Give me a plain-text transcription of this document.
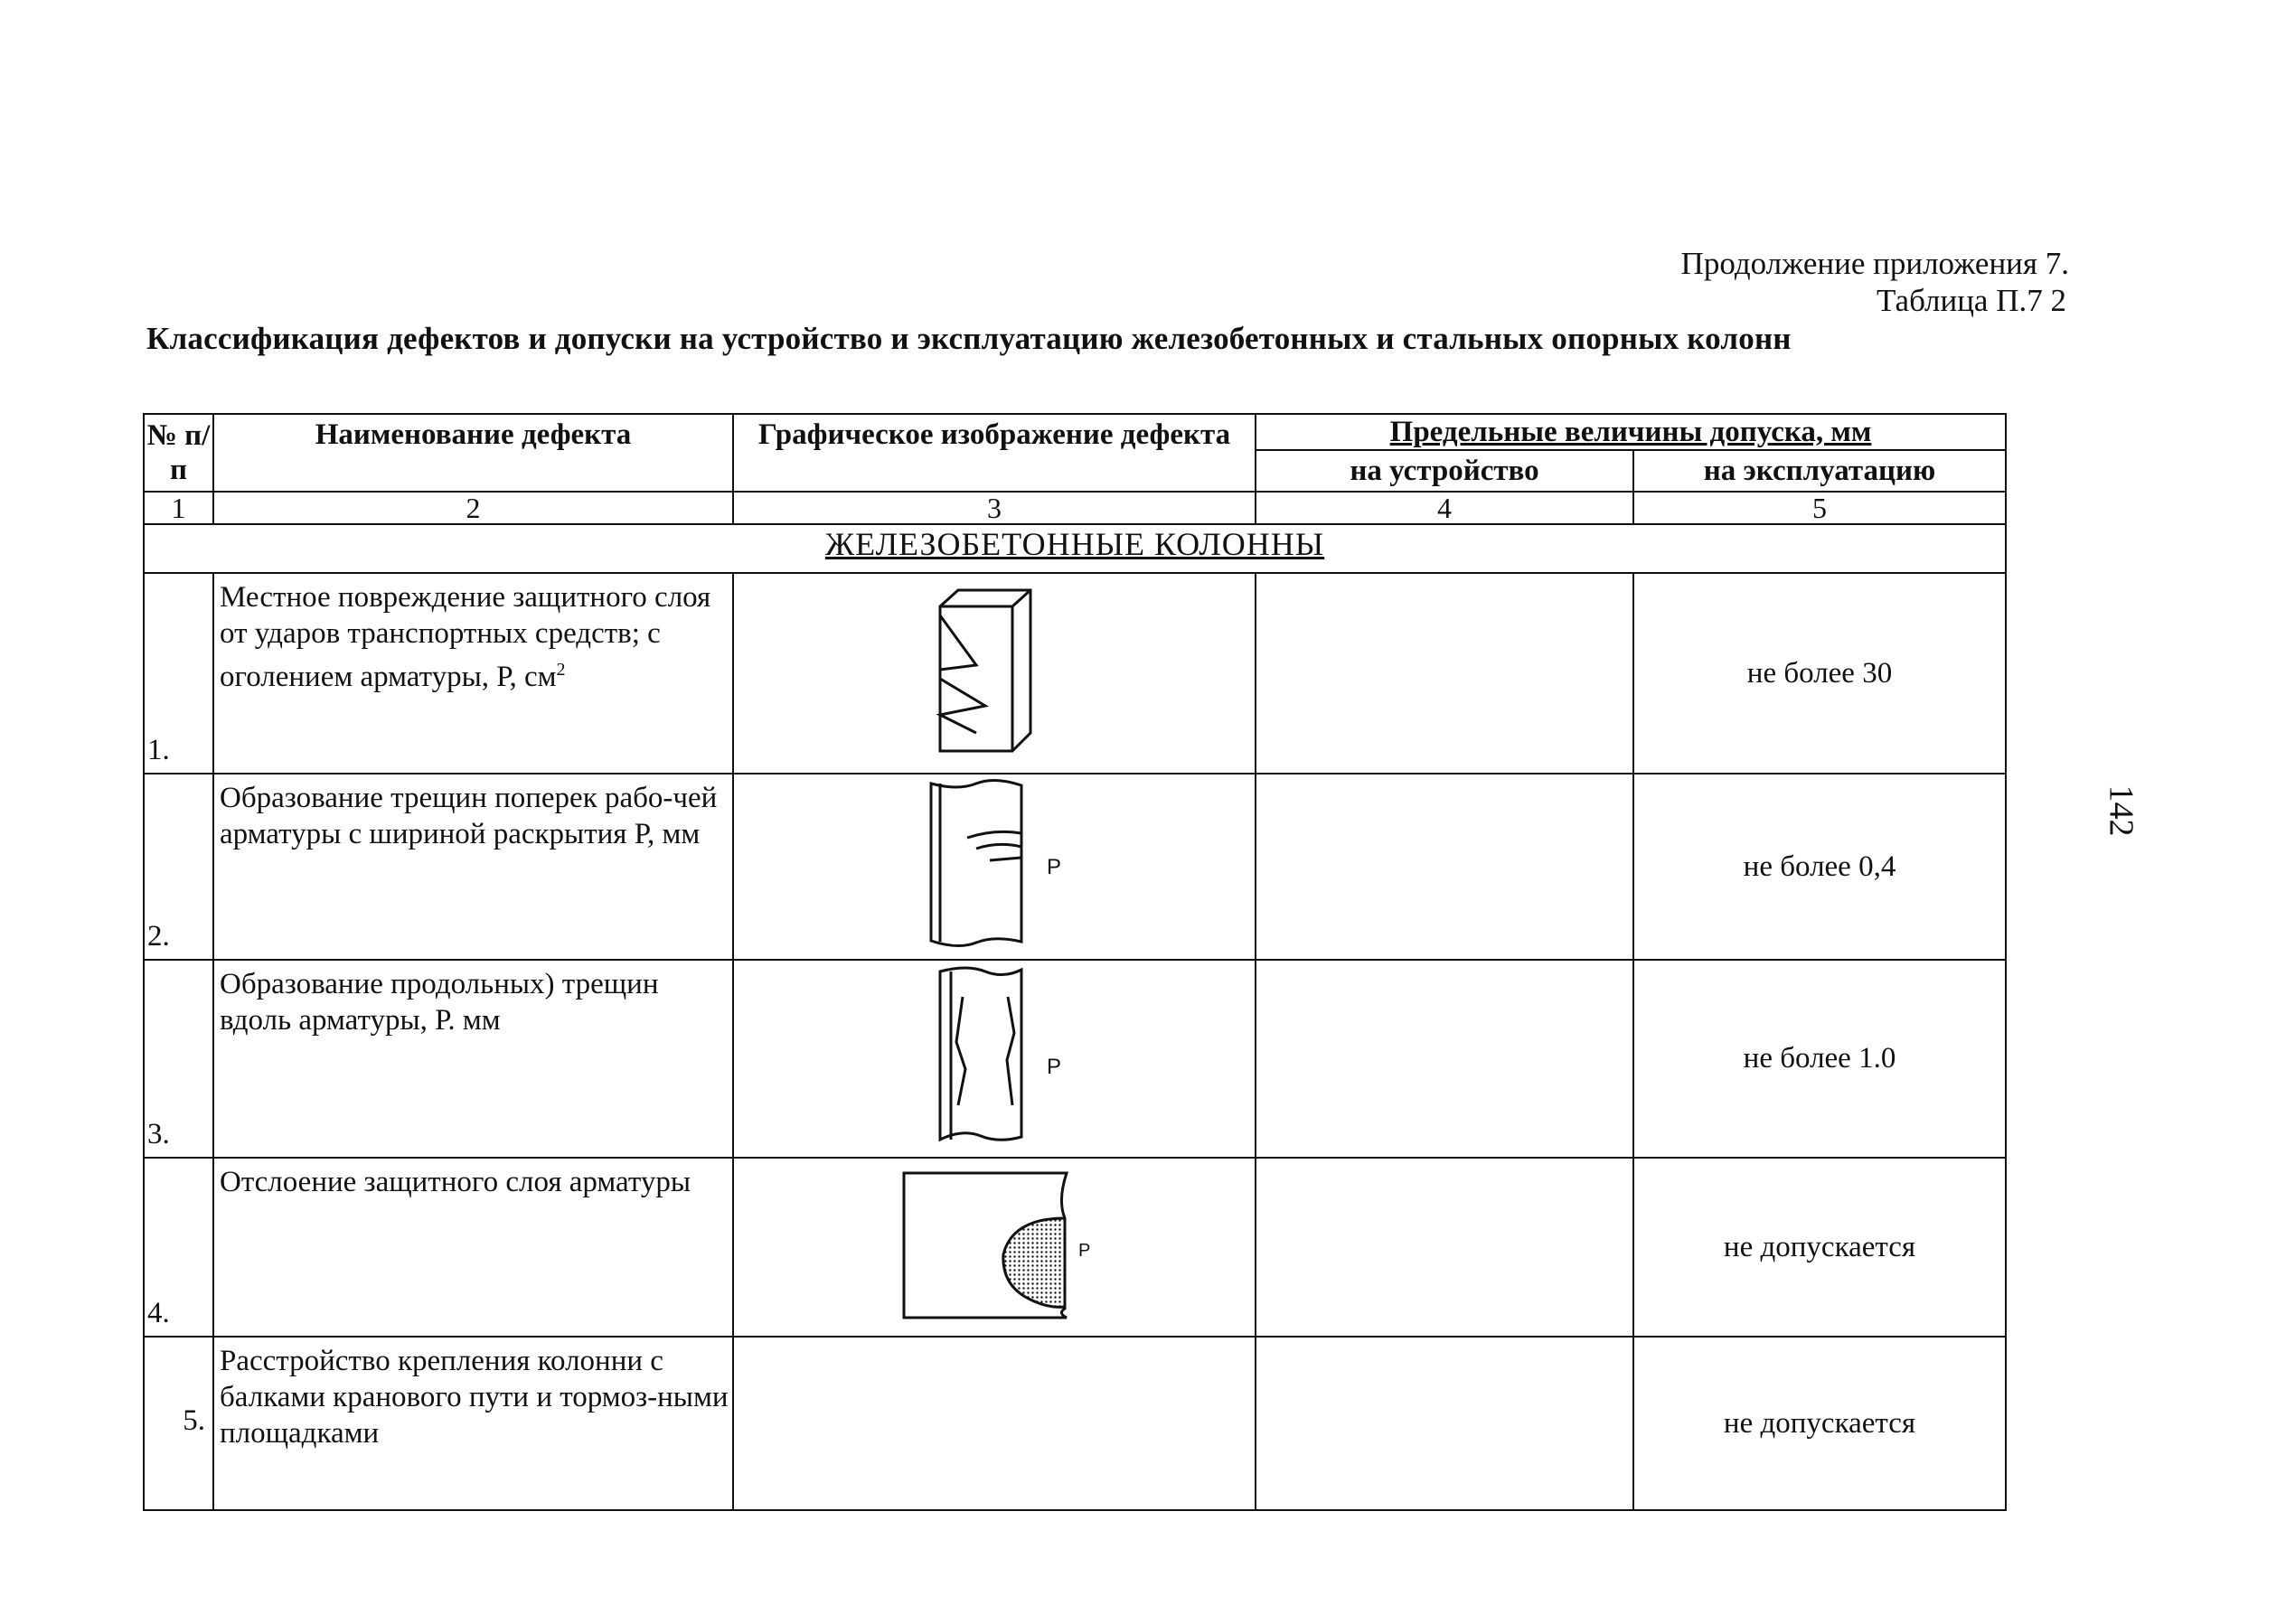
Продолжение приложения 7.
Таблица П.7 2
Классификация дефектов и допуски на устройство и эксплуатацию железобетонных и стальных опорных колонн
142
№ п/п	Наименование дефекта	Графическое изображение дефекта	Предельные величины допуска, мм	
			на устройство	на эксплуатацию
1	2	3	4	5
ЖЕЛЕЗОБЕТОННЫЕ КОЛОННЫ				
1.	Местное повреждение защитного слоя от ударов транспортных средств; с оголением арматуры, Р, $см^2$			не более 30
2.	Образование трещин поперек рабо-чей арматуры с шириной раскрытия Р, мм	P		не более 0,4
3.	Образование продольных) трещин вдоль арматуры, Р. мм	P		не более 1.0
4.	Отслоение защитного слоя арматуры	P		не допускается
5.	Расстройство крепления колонни с балками кранового пути и тормоз-ными площадками			не допускается
